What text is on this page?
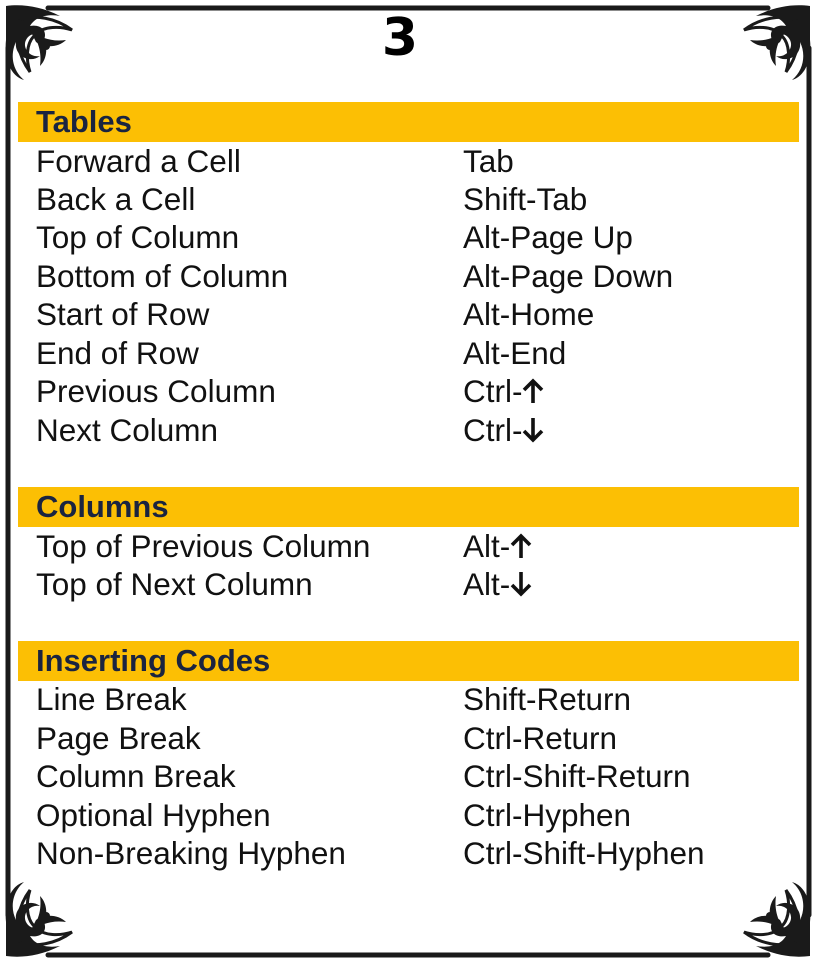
3
Tables
Forward a Cell	Tab
Back a Cell	Shift-Tab
Top of Column	Alt-Page Up
Bottom of Column	Alt-Page Down
Start of Row	Alt-Home
End of Row	Alt-End
Previous Column	Ctrl-
Next Column	Ctrl-
Columns
Top of Previous Column	Alt-
Top of Next Column	Alt-
Inserting Codes
Line Break	Shift-Return
Page Break	Ctrl-Return
Column Break	Ctrl-Shift-Return
Optional Hyphen	Ctrl-Hyphen
Non-Breaking Hyphen	Ctrl-Shift-Hyphen
